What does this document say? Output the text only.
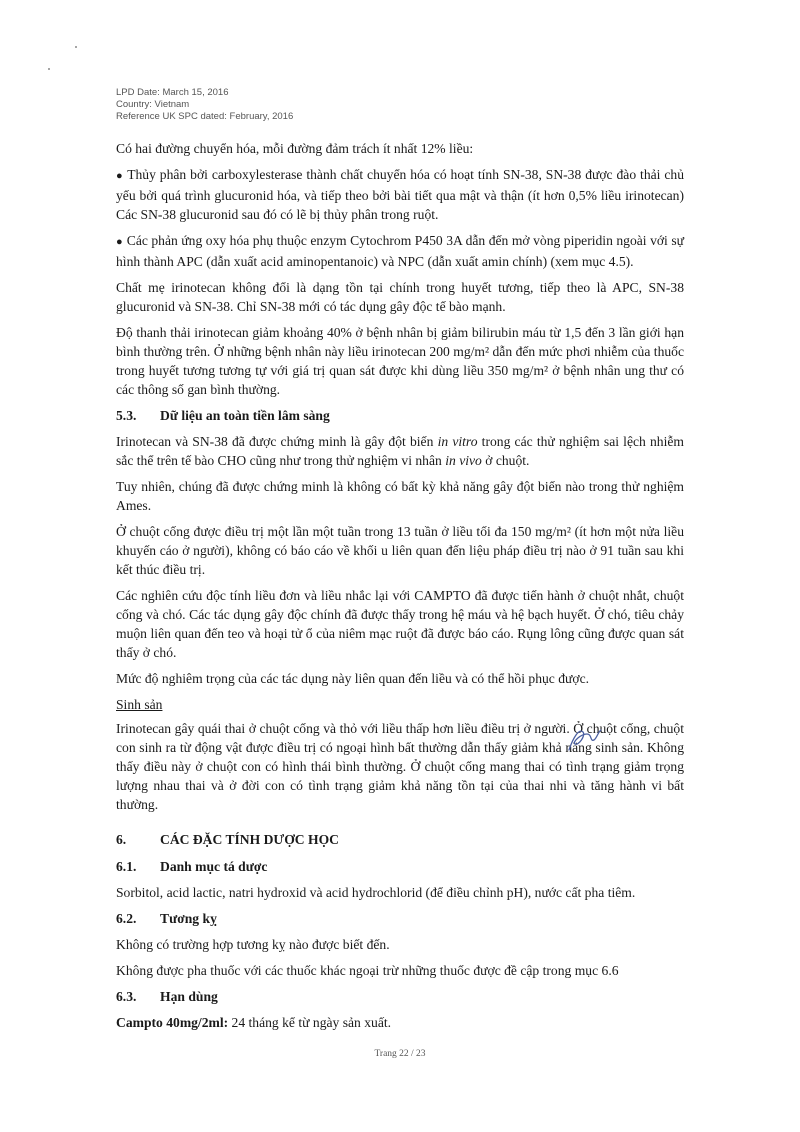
LPD Date: March 15, 2016
Country: Vietnam
Reference UK SPC dated: February, 2016

Có hai đường chuyển hóa, mỗi đường đảm trách ít nhất 12% liều:

● Thủy phân bởi carboxylesterase thành chất chuyển hóa có hoạt tính SN-38, SN-38 được đào thải chủ yếu bởi quá trình glucuronid hóa, và tiếp theo bởi bài tiết qua mật và thận (ít hơn 0,5% liều irinotecan) Các SN-38 glucuronid sau đó có lẽ bị thủy phân trong ruột.
● Các phản ứng oxy hóa phụ thuộc enzym Cytochrom P450 3A dẫn đến mở vòng piperidin ngoài với sự hình thành APC (dẫn xuất acid aminopentanoic) và NPC (dẫn xuất amin chính) (xem mục 4.5).

Chất mẹ irinotecan không đổi là dạng tồn tại chính trong huyết tương, tiếp theo là APC, SN-38 glucuronid và SN-38. Chỉ SN-38 mới có tác dụng gây độc tế bào mạnh.

Độ thanh thải irinotecan giảm khoảng 40% ở bệnh nhân bị giảm bilirubin máu từ 1,5 đến 3 lần giới hạn bình thường trên. Ở những bệnh nhân này liều irinotecan 200 mg/m² dẫn đến mức phơi nhiễm của thuốc trong huyết tương tương tự với giá trị quan sát được khi dùng liều 350 mg/m² ở bệnh nhân ung thư có các thông số gan bình thường.

5.3.	Dữ liệu an toàn tiền lâm sàng

Irinotecan và SN-38 đã được chứng minh là gây đột biến in vitro trong các thử nghiệm sai lệch nhiễm sắc thể trên tế bào CHO cũng như trong thử nghiệm vi nhân in vivo ở chuột.

Tuy nhiên, chúng đã được chứng minh là không có bất kỳ khả năng gây đột biến nào trong thử nghiệm Ames.

Ở chuột cống được điều trị một lần một tuần trong 13 tuần ở liều tối đa 150 mg/m² (ít hơn một nửa liều khuyến cáo ở người), không có báo cáo về khối u liên quan đến liệu pháp điều trị nào ở 91 tuần sau khi kết thúc điều trị.

Các nghiên cứu độc tính liều đơn và liều nhắc lại với CAMPTO đã được tiến hành ở chuột nhắt, chuột cống và chó. Các tác dụng gây độc chính đã được thấy trong hệ máu và hệ bạch huyết. Ở chó, tiêu chảy muộn liên quan đến teo và hoại tử ổ của niêm mạc ruột đã được báo cáo. Rụng lông cũng được quan sát thấy ở chó.

Mức độ nghiêm trọng của các tác dụng này liên quan đến liều và có thể hồi phục được.

Sinh sản

Irinotecan gây quái thai ở chuột cống và thỏ với liều thấp hơn liều điều trị ở người. Ở chuột cống, chuột con sinh ra từ động vật được điều trị có ngoại hình bất thường dẫn thấy giảm khả năng sinh sản. Không thấy điều này ở chuột con có hình thái bình thường. Ở chuột cống mang thai có tình trạng giảm trọng lượng nhau thai và ở đời con có tình trạng giảm khả năng tồn tại của thai nhi và tăng hành vi bất thường.

6.	CÁC ĐẶC TÍNH DƯỢC HỌC
6.1.	Danh mục tá dược

Sorbitol, acid lactic, natri hydroxid và acid hydrochlorid (để điều chỉnh pH), nước cất pha tiêm.

6.2.	Tương kỵ

Không có trường hợp tương kỵ nào được biết đến.

Không được pha thuốc với các thuốc khác ngoại trừ những thuốc được đề cập trong mục 6.6

6.3.	Hạn dùng

Campto 40mg/2ml: 24 tháng kể từ ngày sản xuất.

Trang 22 / 23
